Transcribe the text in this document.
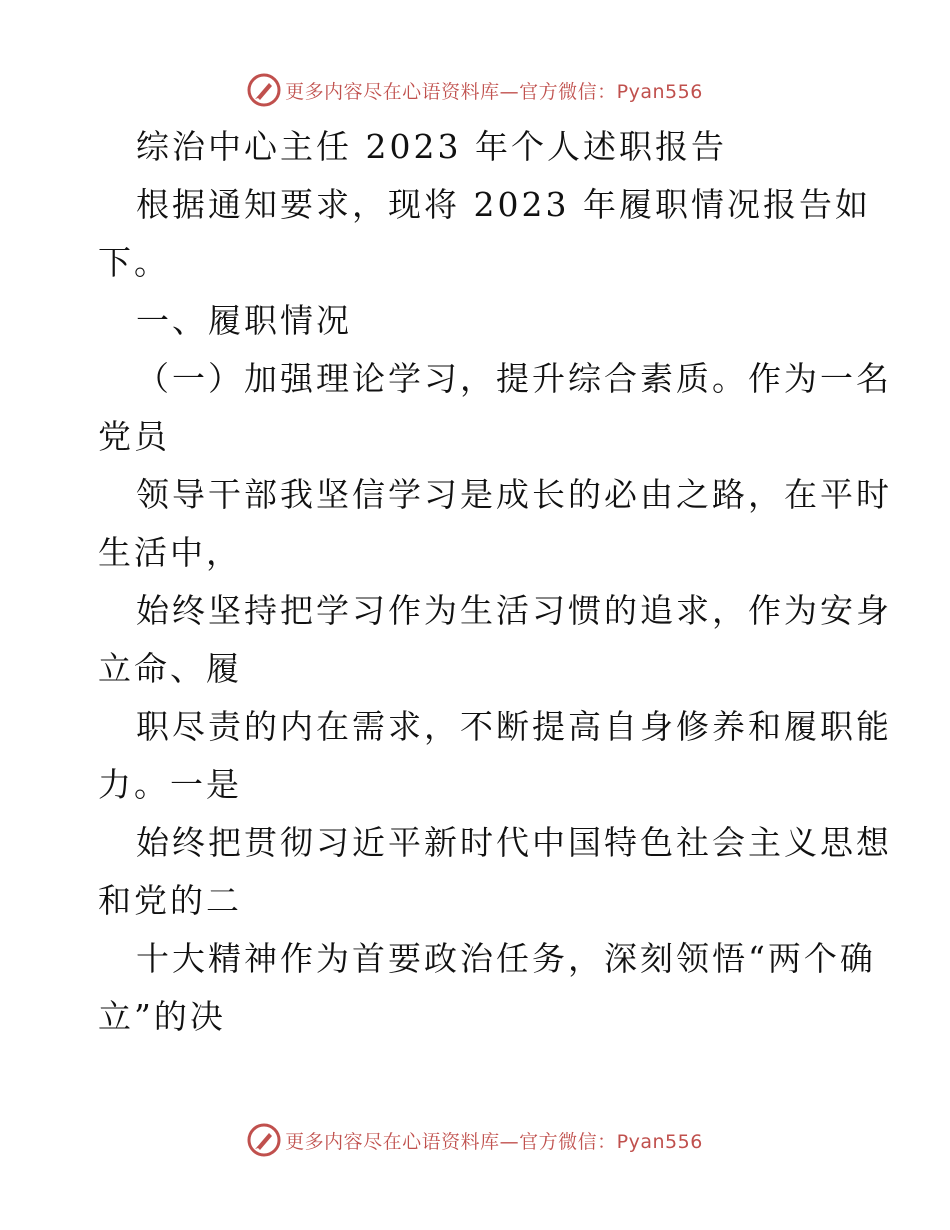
更多内容尽在心语资料库—官方微信：Pyan556
综治中心主任 2023 年个人述职报告
根据通知要求，现将 2023 年履职情况报告如
下。
一、履职情况
（一）加强理论学习，提升综合素质。作为一名
党员
领导干部我坚信学习是成长的必由之路，在平时
生活中，
始终坚持把学习作为生活习惯的追求，作为安身
立命、履
职尽责的内在需求，不断提高自身修养和履职能
力。一是
始终把贯彻习近平新时代中国特色社会主义思想
和党的二
十大精神作为首要政治任务，深刻领悟“两个确
立”的决
更多内容尽在心语资料库—官方微信：Pyan556
